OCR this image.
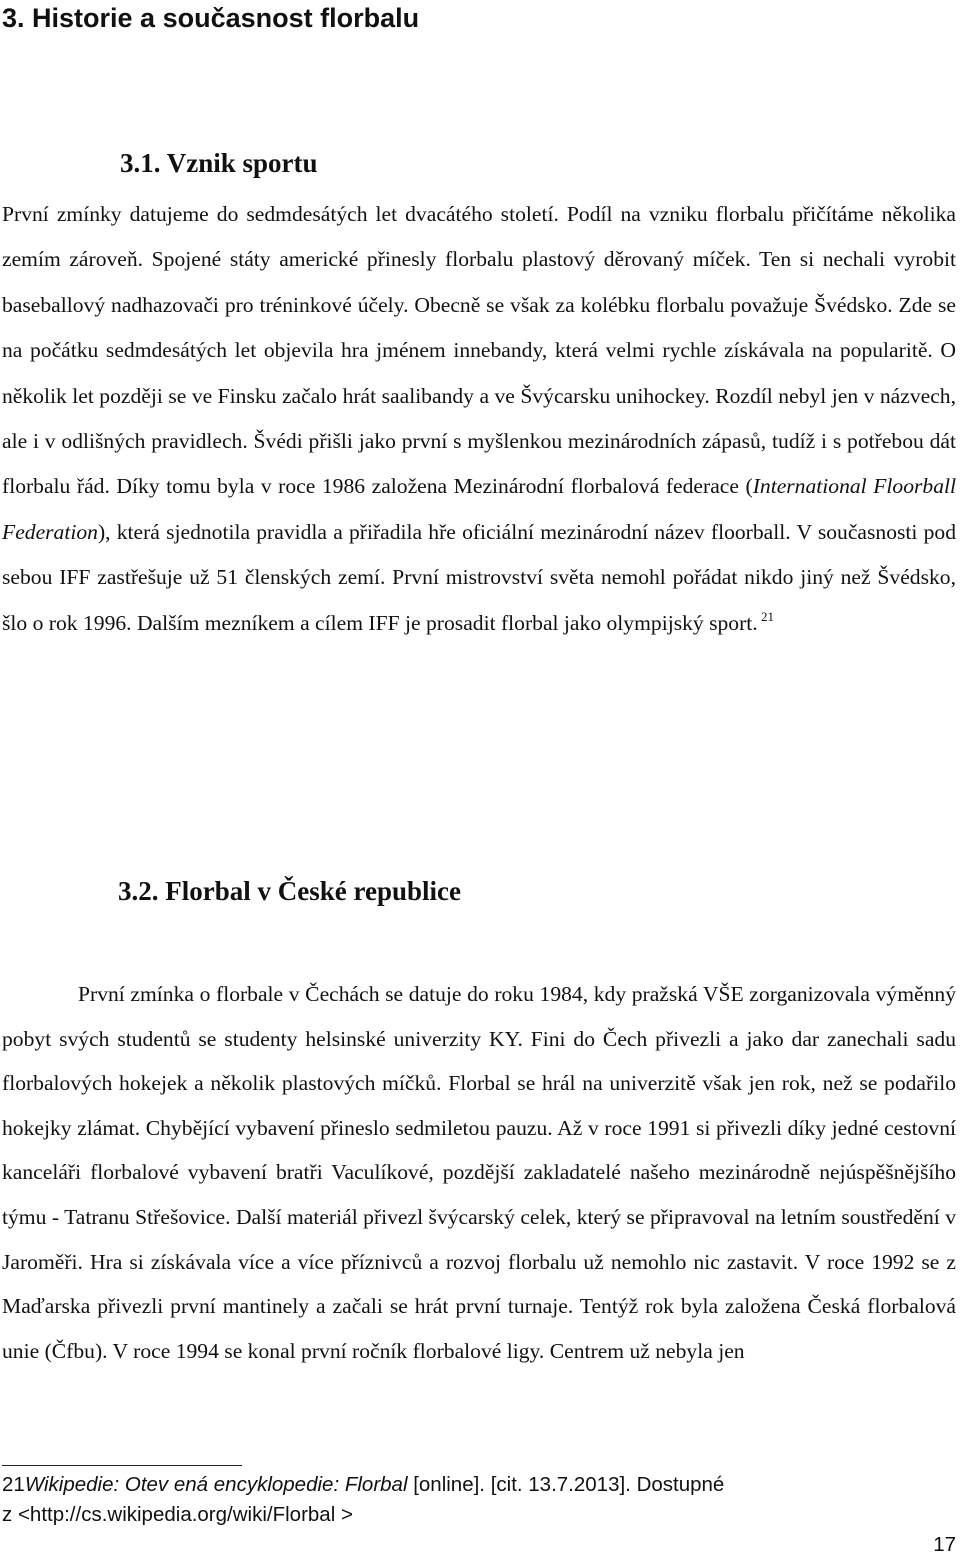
3. Historie a současnost florbalu
3.1. Vznik sportu

První zmínky datujeme do sedmdesátých let dvacátého století. Podíl na vzniku florbalu přičítáme několika zemím zároveň. Spojené státy americké přinesly florbalu plastový děrovaný míček. Ten si nechali vyrobit baseballový nadhazovači pro tréninkové účely. Obecně se však za kolébku florbalu považuje Švédsko. Zde se na počátku sedmdesátých let objevila hra jménem innebandy, která velmi rychle získávala na popularitě. O několik let později se ve Finsku začalo hrát saalibandy a ve Švýcarsku unihockey. Rozdíl nebyl jen v názvech, ale i v odlišných pravidlech. Švédi přišli jako první s myšlenkou mezinárodních zápasů, tudíž i s potřebou dát florbalu řád. Díky tomu byla v roce 1986 založena Mezinárodní florbalová federace (International Floorball Federation), která sjednotila pravidla a přiřadila hře oficiální mezinárodní název floorball. V současnosti pod sebou IFF zastřešuje už 51 členských zemí. První mistrovství světa nemohl pořádat nikdo jiný než Švédsko, šlo o rok 1996. Dalším mezníkem a cílem IFF je prosadit florbal jako olympijský sport. $^{21}$

3.2. Florbal v České republice

První zmínka o florbale v Čechách se datuje do roku 1984, kdy pražská VŠE zorganizovala výměnný pobyt svých studentů se studenty helsinské univerzity KY. Fini do Čech přivezli a jako dar zanechali sadu florbalových hokejek a několik plastových míčků. Florbal se hrál na univerzitě však jen rok, než se podařilo hokejky zlámat. Chybějící vybavení přineslo sedmiletou pauzu. Až v roce 1991 si přivezli díky jedné cestovní kanceláři florbalové vybavení bratři Vaculíkové, pozdější zakladatelé našeho mezinárodně nejúspěšnějšího týmu - Tatranu Střešovice. Další materiál přivezl švýcarský celek, který se připravoval na letním soustředění v Jaroměři. Hra si získávala více a více příznivců a rozvoj florbalu už nemohlo nic zastavit. V roce 1992 se z Maďarska přivezli první mantinely a začali se hrát první turnaje. Tentýž rok byla založena Česká florbalová unie (Čfbu). V roce 1994 se konal první ročník florbalové ligy. Centrem už nebyla jen

21Wikipedie: Otev ená encyklopedie: Florbal [online]. [cit. 13.7.2013]. Dostupné
z <http://cs.wikipedia.org/wiki/Florbal >

17
